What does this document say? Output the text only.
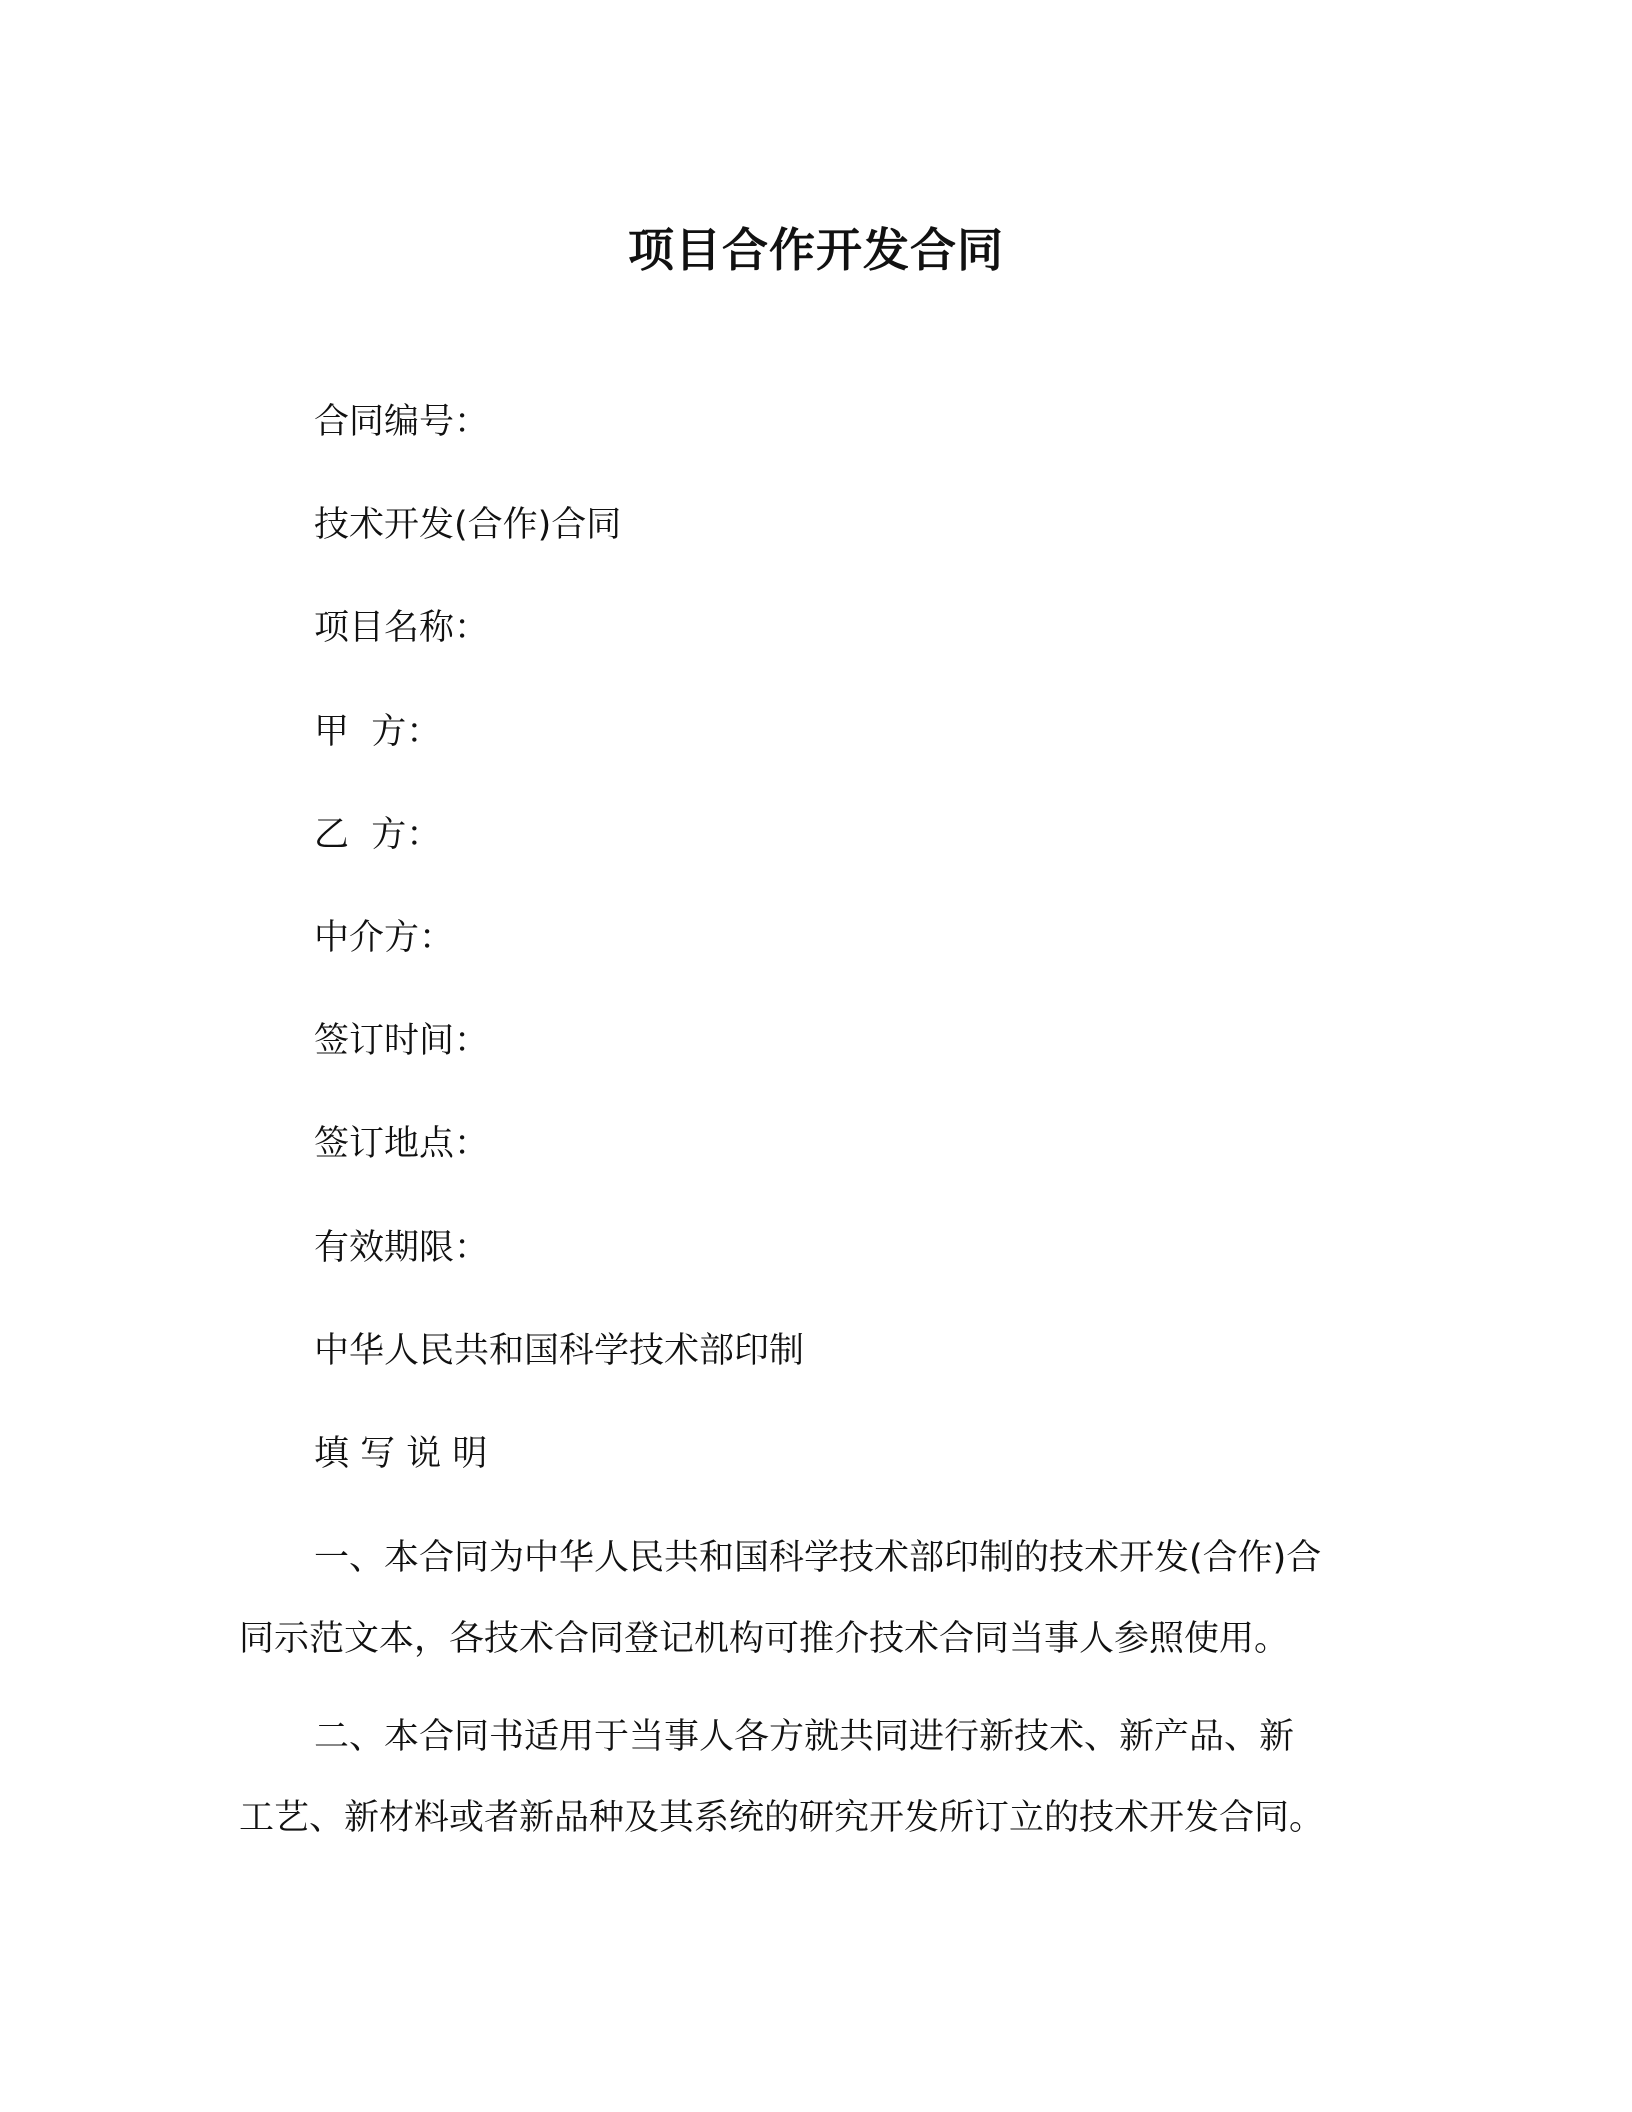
项目合作开发合同
合同编号：
技术开发(合作)合同
项目名称：
甲  方：
乙  方：
中介方：
签订时间：
签订地点：
有效期限：
中华人民共和国科学技术部印制
填 写 说 明
一、本合同为中华人民共和国科学技术部印制的技术开发(合作)合
同示范文本，各技术合同登记机构可推介技术合同当事人参照使用。
二、本合同书适用于当事人各方就共同进行新技术、新产品、新
工艺、新材料或者新品种及其系统的研究开发所订立的技术开发合同。
